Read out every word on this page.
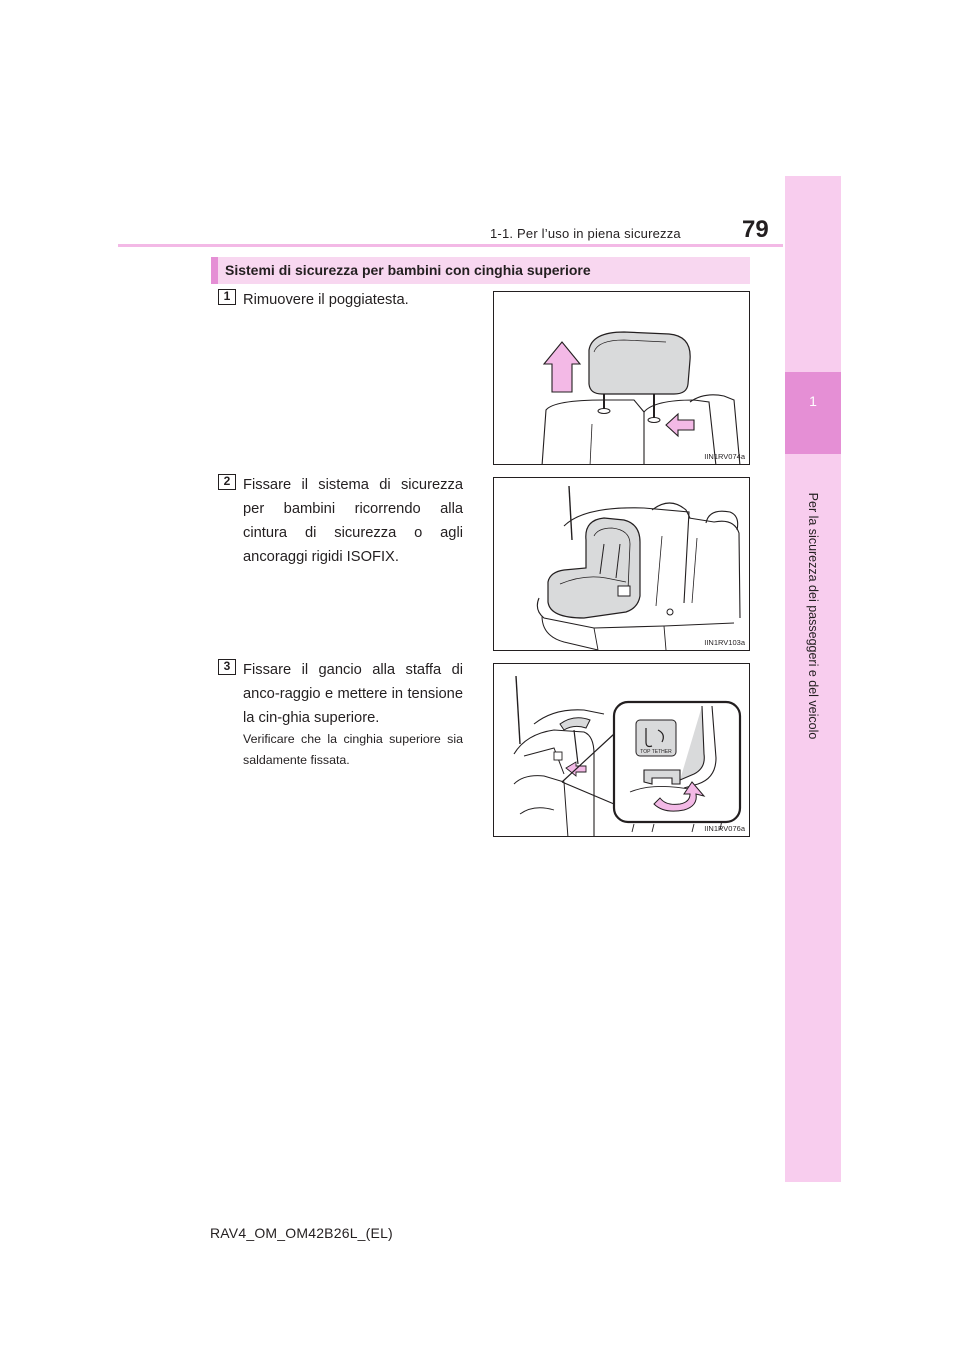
1-1. Per l’uso in piena sicurezza	79
1
Per la sicurezza dei passeggeri e del veicolo
Sistemi di sicurezza per bambini con cinghia superiore
1 Rimuovere il poggiatesta.
IIN1RV074a
2 Fissare il sistema di sicurezza per bambini ricorrendo alla cintura di sicurezza o agli ancoraggi rigidi ISOFIX.
IIN1RV103a
3 Fissare il gancio alla staffa di anco-raggio e mettere in tensione la cin-ghia superiore.
Verificare che la cinghia superiore sia saldamente fissata.
TOP TETHER
IIN1RV076a
RAV4_OM_OM42B26L_(EL)
